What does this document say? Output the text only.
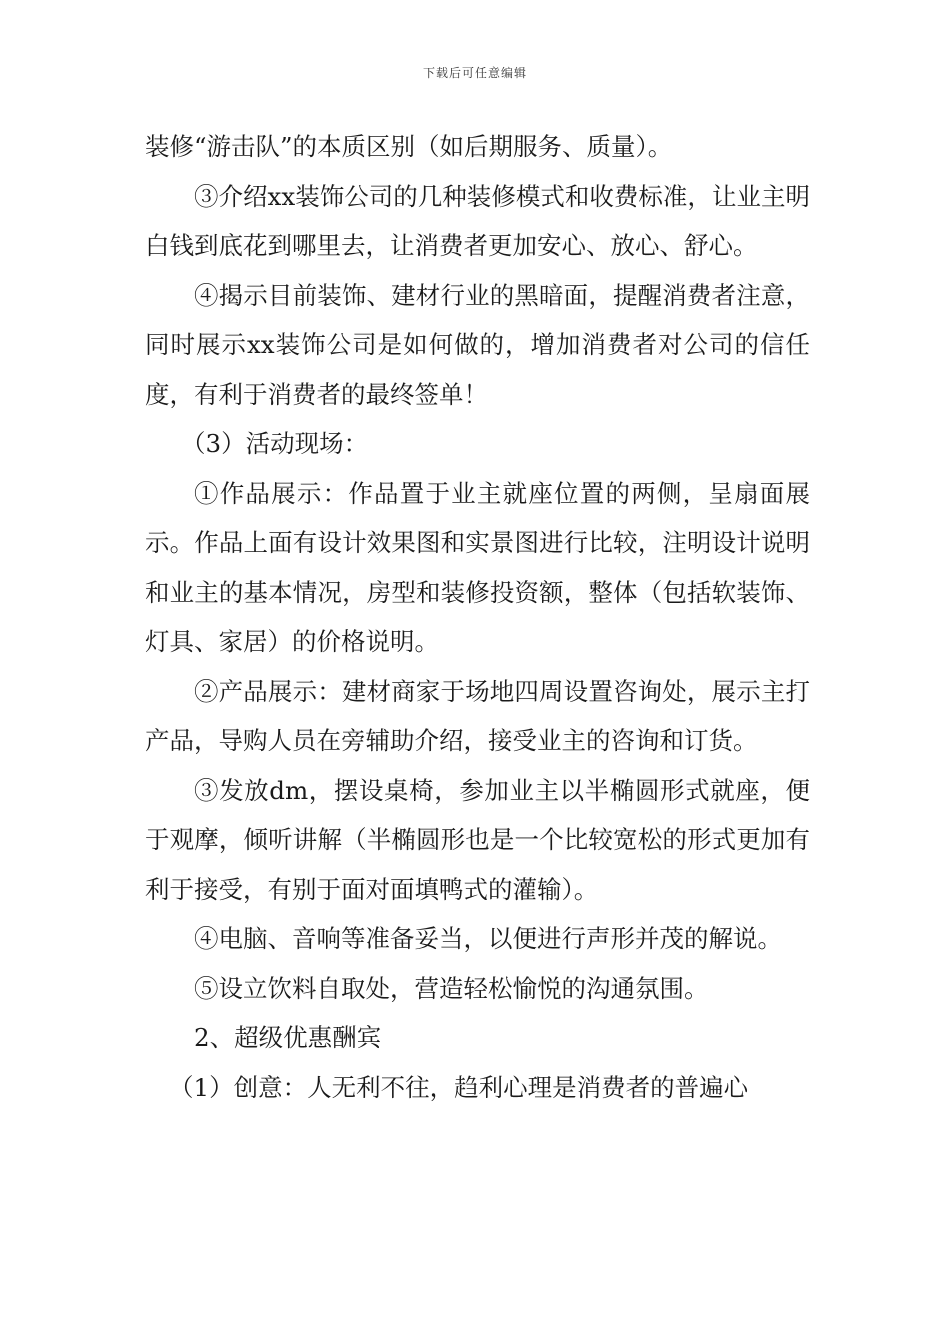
下载后可任意编辑

装修“游击队”的本质区别（如后期服务、质量）。

③介绍xx装饰公司的几种装修模式和收费标准，让业主明白钱到底花到哪里去，让消费者更加安心、放心、舒心。

④揭示目前装饰、建材行业的黑暗面，提醒消费者注意，同时展示xx装饰公司是如何做的，增加消费者对公司的信任度，有利于消费者的最终签单！

（3）活动现场：

①作品展示：作品置于业主就座位置的两侧，呈扇面展示。作品上面有设计效果图和实景图进行比较，注明设计说明和业主的基本情况，房型和装修投资额，整体（包括软装饰、灯具、家居）的价格说明。

②产品展示：建材商家于场地四周设置咨询处，展示主打产品，导购人员在旁辅助介绍，接受业主的咨询和订货。

③发放dm，摆设桌椅，参加业主以半椭圆形式就座，便于观摩，倾听讲解（半椭圆形也是一个比较宽松的形式更加有利于接受，有别于面对面填鸭式的灌输）。

④电脑、音响等准备妥当，以便进行声形并茂的解说。

⑤设立饮料自取处，营造轻松愉悦的沟通氛围。

2、超级优惠酬宾

（1）创意：人无利不往，趋利心理是消费者的普遍心
